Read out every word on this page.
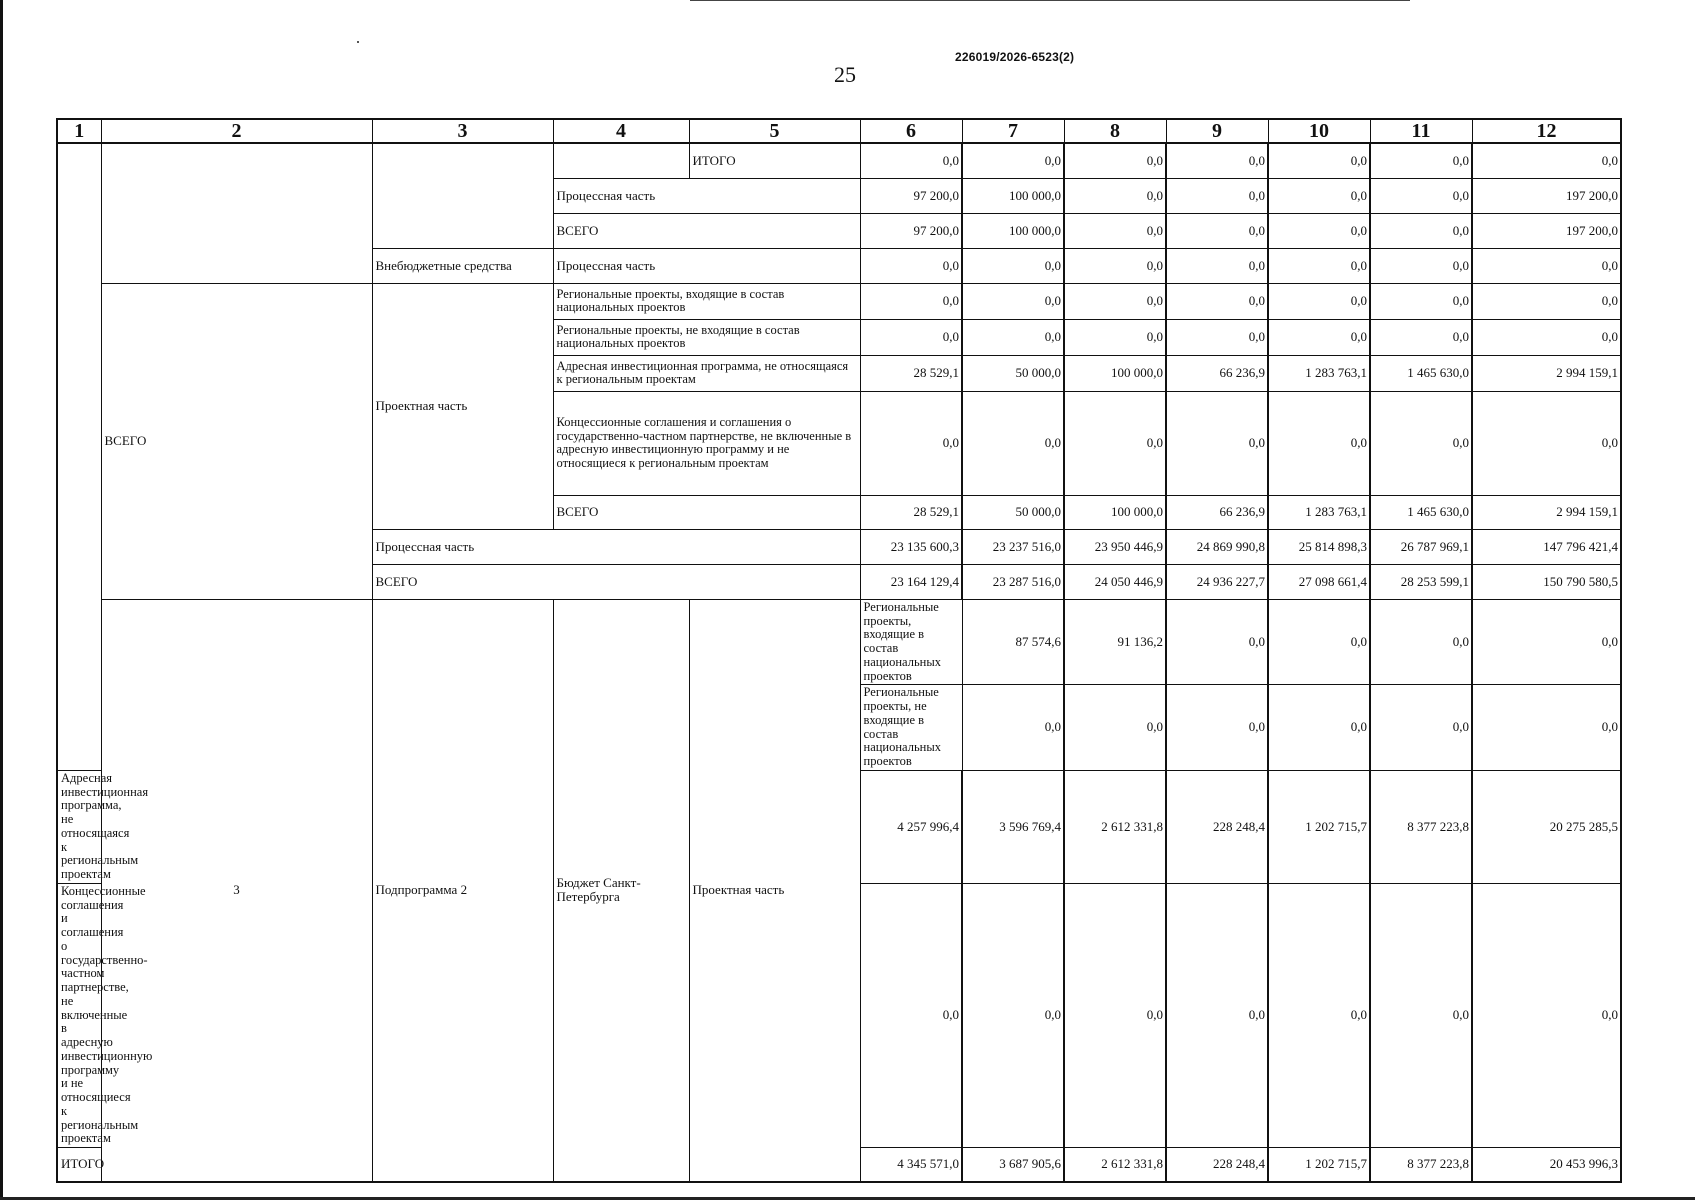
226019/2026-6523(2)
25
1	2	3	4	5	6	7	8	9	10	11	12	
				ИТОГО	0,0	0,0	0,0	0,0	0,0	0,0	0,0	
			Процессная часть		97 200,0	100 000,0	0,0	0,0	0,0	0,0	197 200,0	
			ВСЕГО		97 200,0	100 000,0	0,0	0,0	0,0	0,0	197 200,0	
		Внебюджетные средства	Процессная часть		0,0	0,0	0,0	0,0	0,0	0,0	0,0	
	ВСЕГО	Проектная часть	Региональные проекты, входящие в состав национальных проектов		0,0	0,0	0,0	0,0	0,0	0,0	0,0	
			Региональные проекты, не входящие в состав национальных проектов		0,0	0,0	0,0	0,0	0,0	0,0	0,0	
			Адресная инвестиционная программа, не относящаяся к региональным проектам		28 529,1	50 000,0	100 000,0	66 236,9	1 283 763,1	1 465 630,0	2 994 159,1	
			Концессионные соглашения и соглашения о государственно-частном партнерстве, не включенные в адресную инвестиционную программу и не относящиеся к региональным проектам		0,0	0,0	0,0	0,0	0,0	0,0	0,0	
			ВСЕГО		28 529,1	50 000,0	100 000,0	66 236,9	1 283 763,1	1 465 630,0	2 994 159,1	
		Процессная часть			23 135 600,3	23 237 516,0	23 950 446,9	24 869 990,8	25 814 898,3	26 787 969,1	147 796 421,4	
		ВСЕГО			23 164 129,4	23 287 516,0	24 050 446,9	24 936 227,7	27 098 661,4	28 253 599,1	150 790 580,5	
	3	Подпрограмма 2	Бюджет Санкт-Петербурга	Проектная часть	Региональные проекты, входящие в состав национальных проектов	87 574,6	91 136,2	0,0	0,0	0,0	0,0	
					Региональные проекты, не входящие в состав национальных проектов	0,0	0,0	0,0	0,0	0,0	0,0	
Адресная инвестиционная программа, не относящаяся к региональным проектам					4 257 996,4	3 596 769,4	2 612 331,8	228 248,4	1 202 715,7	8 377 223,8	20 275 285,5	
Концессионные соглашения и соглашения о государственно-частном партнерстве, не включенные в адресную инвестиционную программу и не относящиеся к региональным проектам					0,0	0,0	0,0	0,0	0,0	0,0	0,0	
ИТОГО					4 345 571,0	3 687 905,6	2 612 331,8	228 248,4	1 202 715,7	8 377 223,8	20 453 996,3	
